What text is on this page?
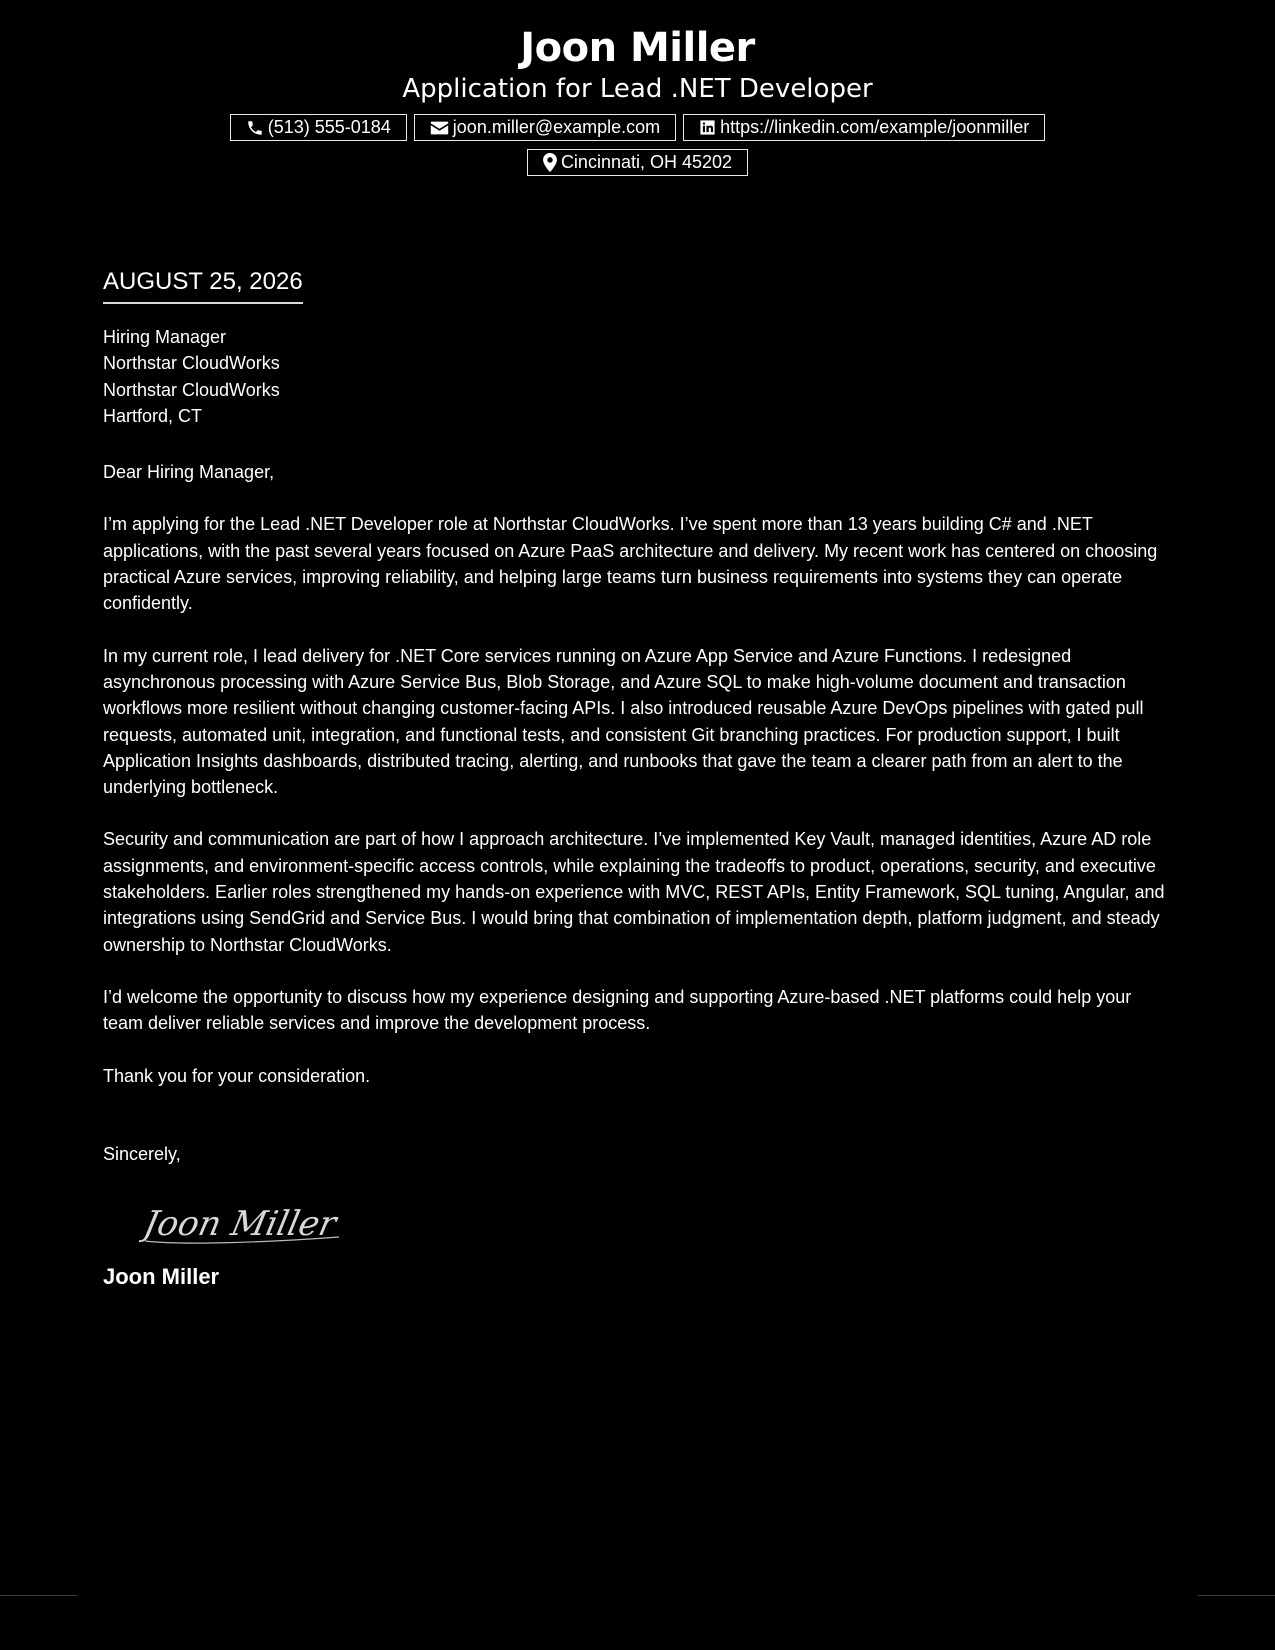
Joon Miller
Application for Lead .NET Developer
(513) 555-0184	joon.miller@example.com	https://linkedin.com/example/joonmiller
Cincinnati, OH 45202
AUGUST 25, 2026
Hiring Manager
Northstar CloudWorks
Northstar CloudWorks
Hartford, CT
Dear Hiring Manager,

I’m applying for the Lead .NET Developer role at Northstar CloudWorks. I’ve spent more than 13 years building C# and .NET applications, with the past several years focused on Azure PaaS architecture and delivery. My recent work has centered on choosing practical Azure services, improving reliability, and helping large teams turn business requirements into systems they can operate confidently.

In my current role, I lead delivery for .NET Core services running on Azure App Service and Azure Functions. I redesigned asynchronous processing with Azure Service Bus, Blob Storage, and Azure SQL to make high-volume document and transaction workflows more resilient without changing customer-facing APIs. I also introduced reusable Azure DevOps pipelines with gated pull requests, automated unit, integration, and functional tests, and consistent Git branching practices. For production support, I built Application Insights dashboards, distributed tracing, alerting, and runbooks that gave the team a clearer path from an alert to the underlying bottleneck.

Security and communication are part of how I approach architecture. I’ve implemented Key Vault, managed identities, Azure AD role assignments, and environment-specific access controls, while explaining the tradeoffs to product, operations, security, and executive stakeholders. Earlier roles strengthened my hands-on experience with MVC, REST APIs, Entity Framework, SQL tuning, Angular, and integrations using SendGrid and Service Bus. I would bring that combination of implementation depth, platform judgment, and steady ownership to Northstar CloudWorks.

I’d welcome the opportunity to discuss how my experience designing and supporting Azure-based .NET platforms could help your team deliver reliable services and improve the development process.

Thank you for your consideration.

Sincerely,
Joon Miller
Joon Miller
